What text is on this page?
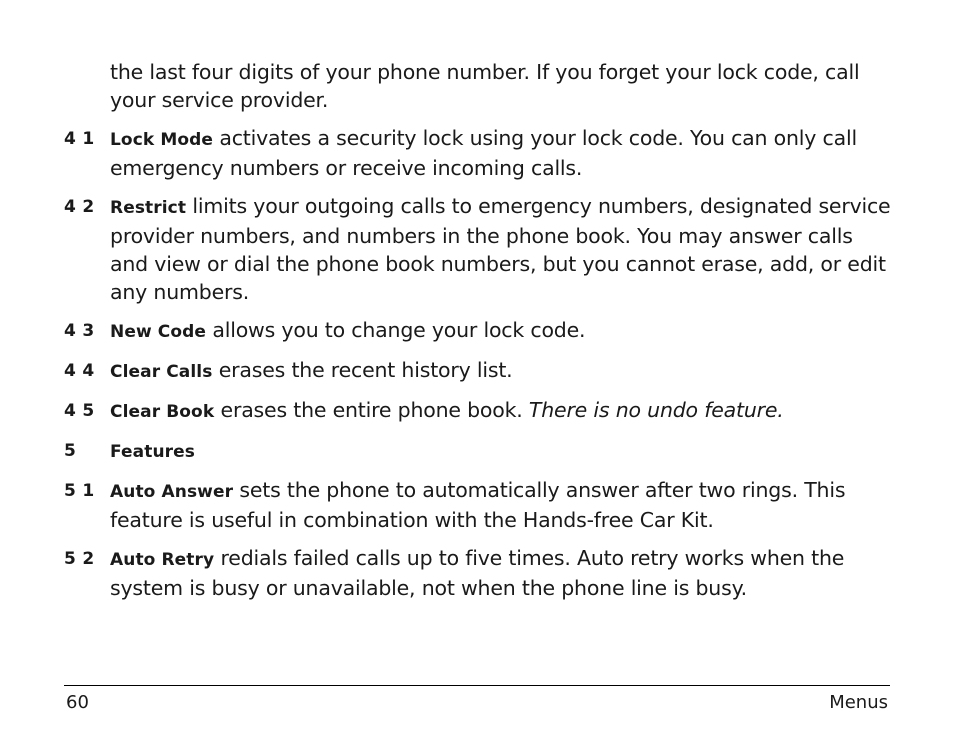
the last four digits of your phone number. If you forget your lock code, call your service provider.
4 1 Lock Mode activates a security lock using your lock code. You can only call emergency numbers or receive incoming calls.
4 2 Restrict limits your outgoing calls to emergency numbers, designated service provider numbers, and numbers in the phone book. You may answer calls and view or dial the phone book numbers, but you cannot erase, add, or edit any numbers.
4 3 New Code allows you to change your lock code.
4 4 Clear Calls erases the recent history list.
4 5 Clear Book erases the entire phone book. There is no undo feature.
5	Features
5 1 Auto Answer sets the phone to automatically answer after two rings. This feature is useful in combination with the Hands-free Car Kit.
5 2 Auto Retry redials failed calls up to five times. Auto retry works when the system is busy or unavailable, not when the phone line is busy.
60	Menus
